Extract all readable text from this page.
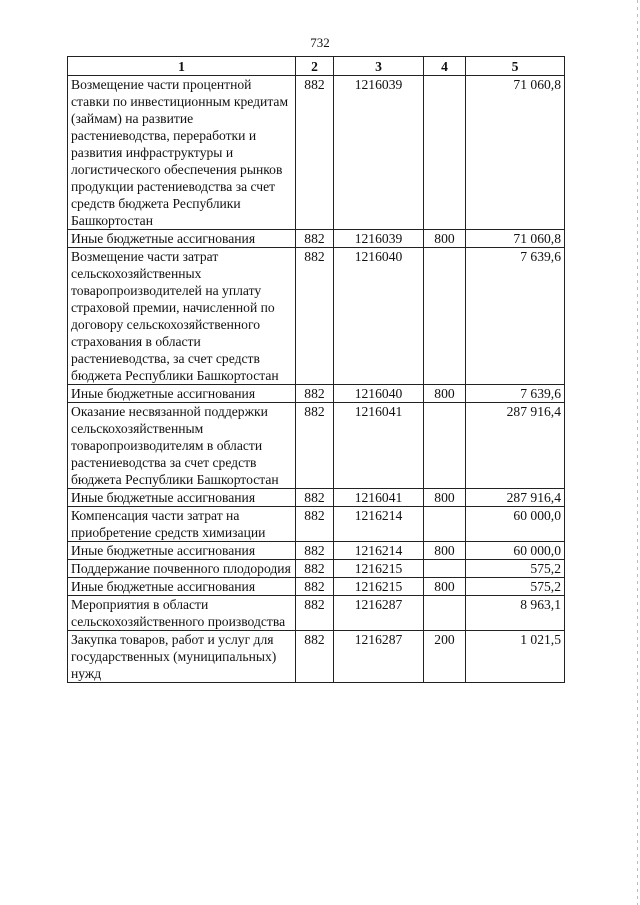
732
1	2	3	4	5
Возмещение части процентной ставки по инвестиционным кредитам (займам) на развитие растениеводства, переработки и развития инфраструктуры и логистического обеспечения рынков продукции растениеводства за счет средств бюджета Республики Башкортостан	882	1216039		71 060,8
Иные бюджетные ассигнования	882	1216039	800	71 060,8
Возмещение части затрат сельскохозяйственных товаропроизводителей на уплату страховой премии, начисленной по договору сельскохозяйственного страхования в области растениеводства, за счет средств бюджета Республики Башкортостан	882	1216040		7 639,6
Иные бюджетные ассигнования	882	1216040	800	7 639,6
Оказание несвязанной поддержки сельскохозяйственным товаропроизводителям в области растениеводства за счет средств бюджета Республики Башкортостан	882	1216041		287 916,4
Иные бюджетные ассигнования	882	1216041	800	287 916,4
Компенсация части затрат на приобретение средств химизации	882	1216214		60 000,0
Иные бюджетные ассигнования	882	1216214	800	60 000,0
Поддержание почвенного плодородия	882	1216215		575,2
Иные бюджетные ассигнования	882	1216215	800	575,2
Мероприятия в области сельскохозяйственного производства	882	1216287		8 963,1
Закупка товаров, работ и услуг для государственных (муниципальных) нужд	882	1216287	200	1 021,5
